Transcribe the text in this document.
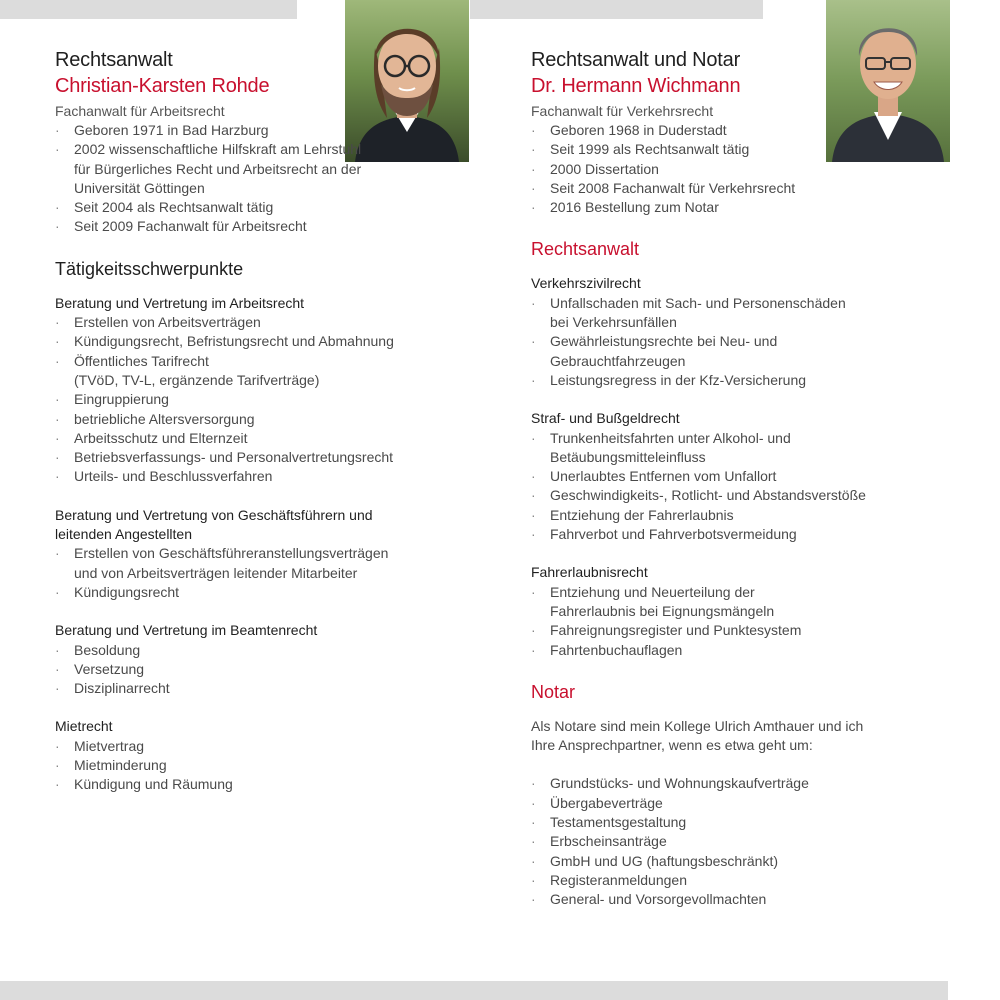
Rechtsanwalt
Christian-Karsten Rohde

Fachanwalt für Arbeitsrecht

· Geboren 1971 in Bad Harzburg
· 2002 wissenschaftliche Hilfskraft am Lehrstuhl
für Bürgerliches Recht und Arbeitsrecht an der
Universität Göttingen
· Seit 2004 als Rechtsanwalt tätig
· Seit 2009 Fachanwalt für Arbeitsrecht
Tätigkeitsschwerpunkte

Beratung und Vertretung im Arbeitsrecht

· Erstellen von Arbeitsverträgen
· Kündigungsrecht, Befristungsrecht und Abmahnung
· Öffentliches Tarifrecht
(TVöD, TV-L, ergänzende Tarifverträge)
· Eingruppierung
· betriebliche Altersversorgung
· Arbeitsschutz und Elternzeit
· Betriebsverfassungs- und Personalvertretungsrecht
· Urteils- und Beschlussverfahren

Beratung und Vertretung von Geschäftsführern und
leitenden Angestellten

· Erstellen von Geschäftsführeranstellungsverträgen
und von Arbeitsverträgen leitender Mitarbeiter
· Kündigungsrecht

Beratung und Vertretung im Beamtenrecht

· Besoldung
· Versetzung
· Disziplinarrecht

Mietrecht

· Mietvertrag
· Mietminderung
· Kündigung und Räumung
Rechtsanwalt und Notar
Dr. Hermann Wichmann

Fachanwalt für Verkehrsrecht

· Geboren 1968 in Duderstadt
· Seit 1999 als Rechtsanwalt tätig
· 2000 Dissertation
· Seit 2008 Fachanwalt für Verkehrsrecht
· 2016 Bestellung zum Notar
Rechtsanwalt

Verkehrszivilrecht

· Unfallschaden mit Sach- und Personenschäden
bei Verkehrsunfällen
· Gewährleistungsrechte bei Neu- und
Gebrauchtfahrzeugen
· Leistungsregress in der Kfz-Versicherung

Straf- und Bußgeldrecht

· Trunkenheitsfahrten unter Alkohol- und
Betäubungsmitteleinfluss
· Unerlaubtes Entfernen vom Unfallort
· Geschwindigkeits-, Rotlicht- und Abstandsverstöße
· Entziehung der Fahrerlaubnis
· Fahrverbot und Fahrverbotsvermeidung

Fahrerlaubnisrecht

· Entziehung und Neuerteilung der
Fahrerlaubnis bei Eignungsmängeln
· Fahreignungsregister und Punktesystem
· Fahrtenbuchauflagen
Notar

Als Notare sind mein Kollege Ulrich Amthauer und ich
Ihre Ansprechpartner, wenn es etwa geht um:

· Grundstücks- und Wohnungskaufverträge
· Übergabeverträge
· Testamentsgestaltung
· Erbscheinsanträge
· GmbH und UG (haftungsbeschränkt)
· Registeranmeldungen
· General- und Vorsorgevollmachten
